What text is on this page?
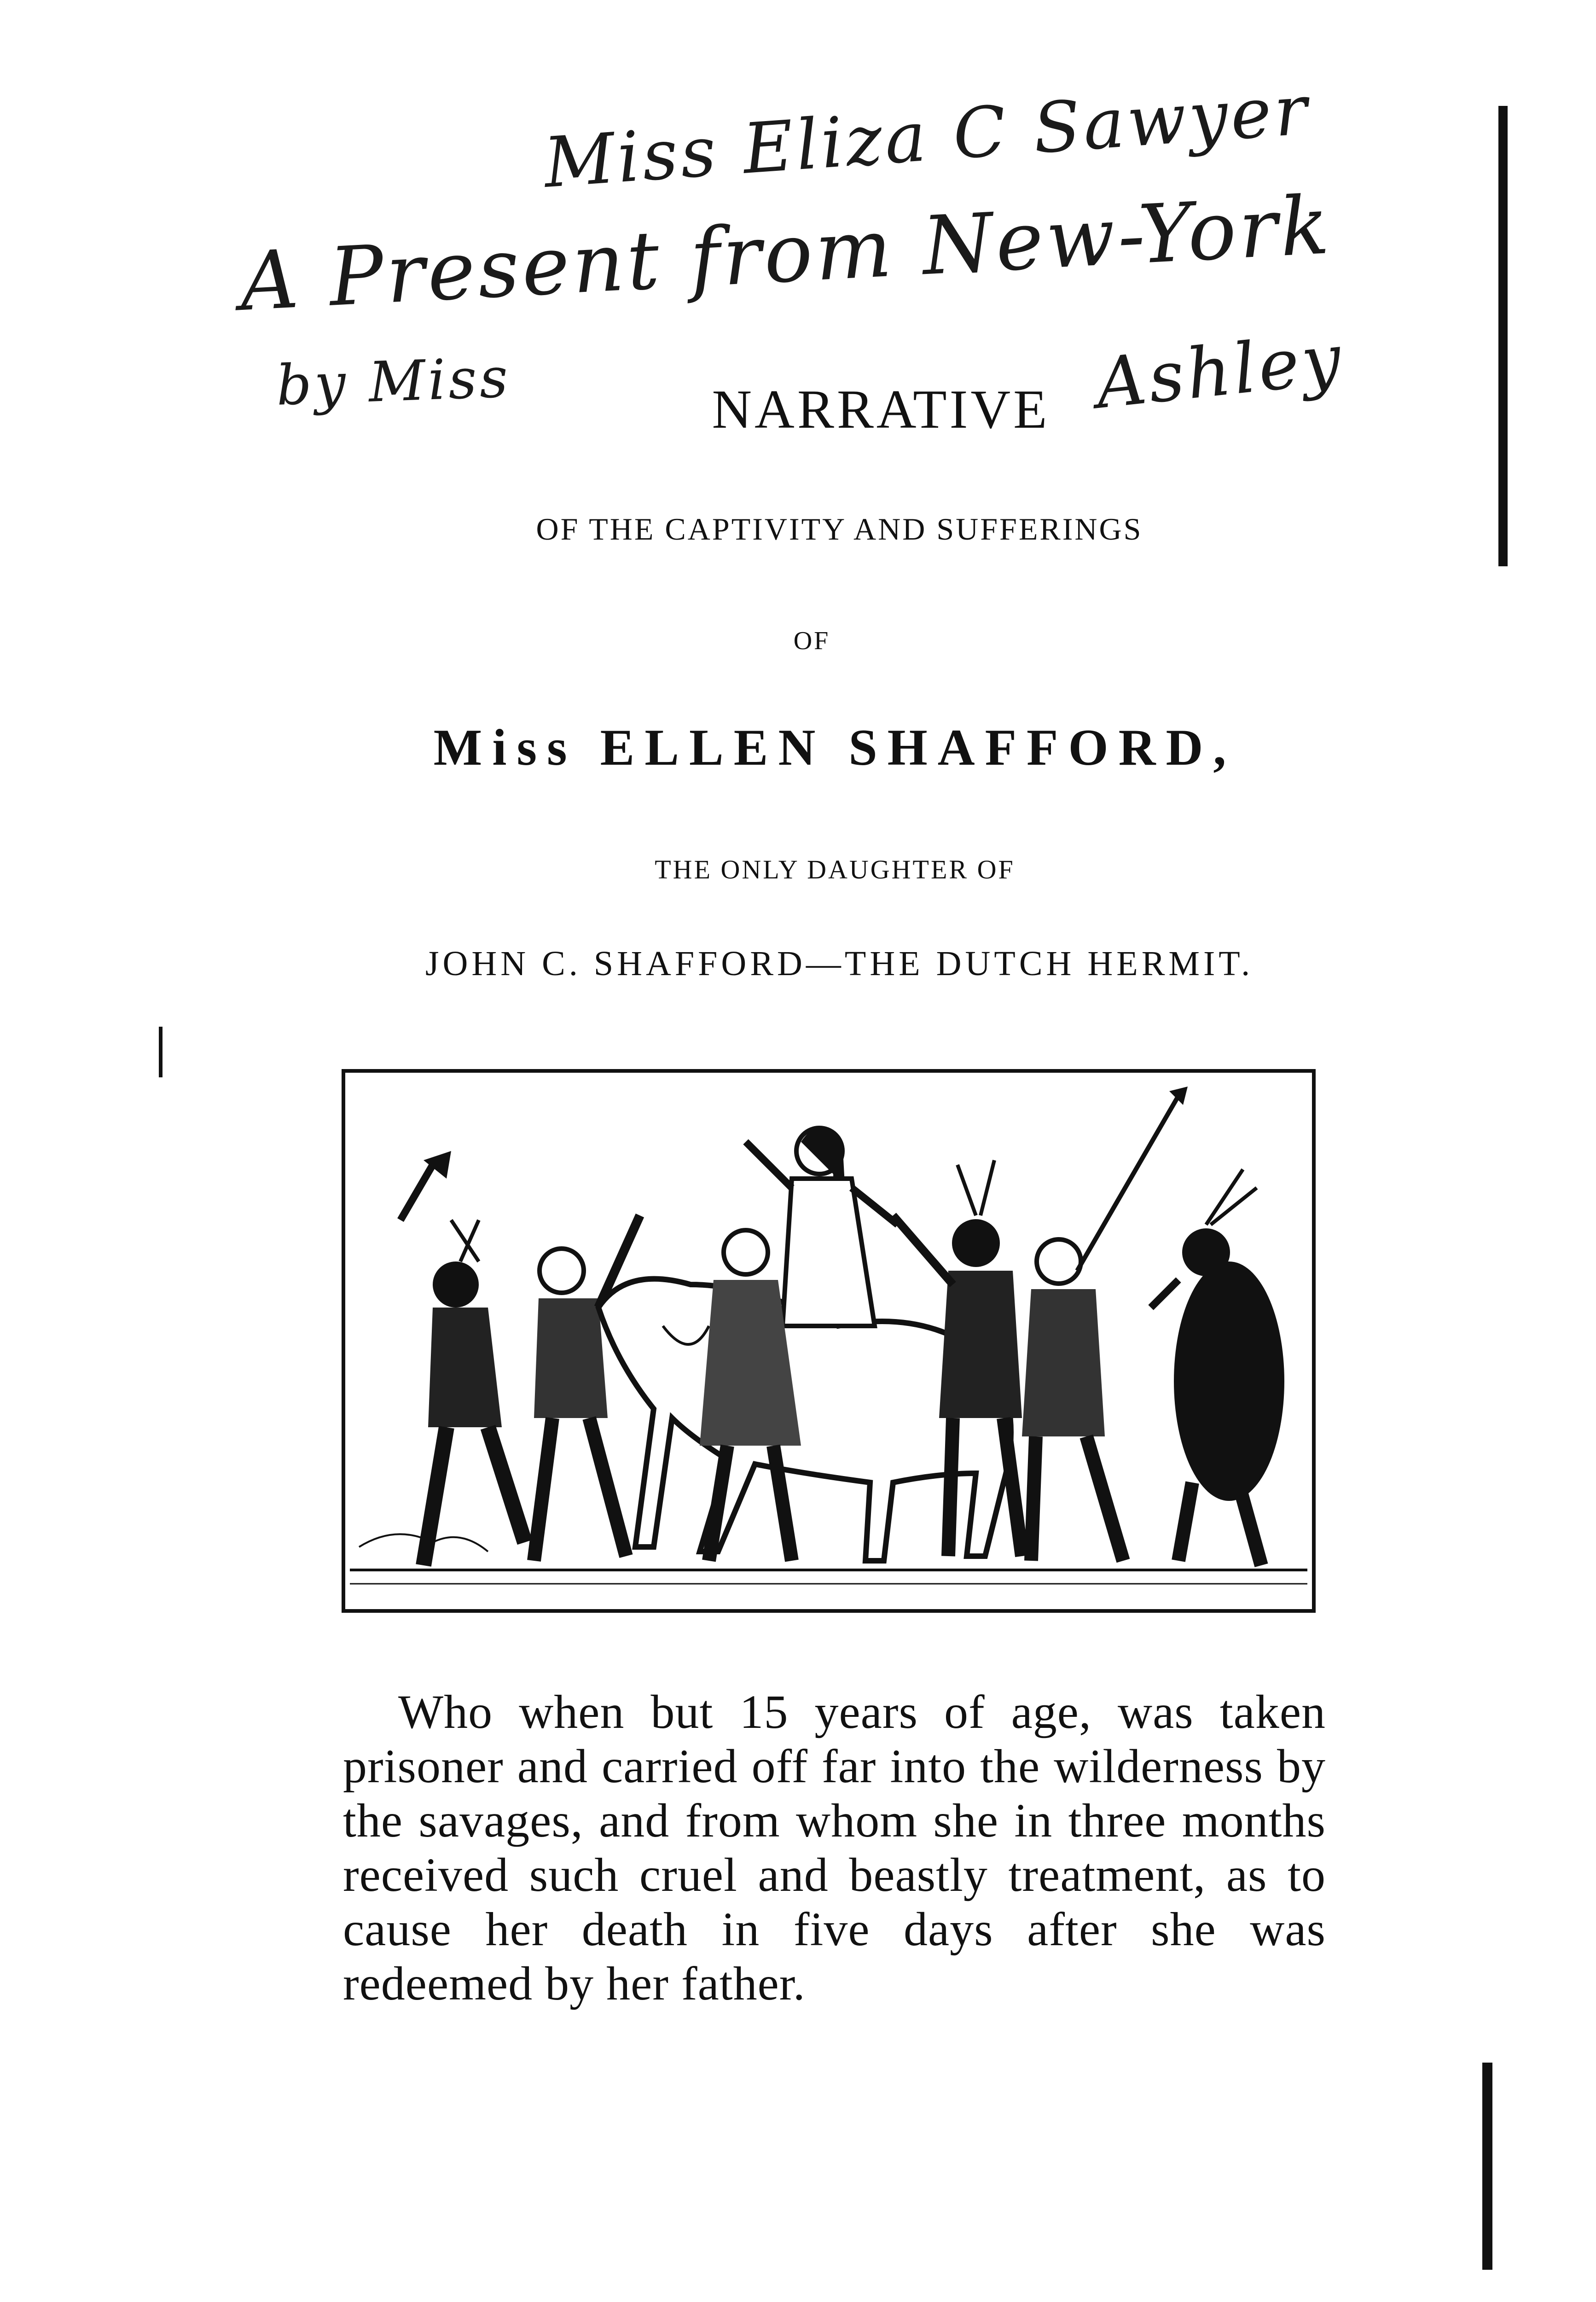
Miss Eliza C Sawyer
A Present from New-York
by Miss	Ashley
NARRATIVE
OF THE CAPTIVITY AND SUFFERINGS
OF
Miss ELLEN SHAFFORD,
THE ONLY DAUGHTER OF
JOHN C. SHAFFORD—THE DUTCH HERMIT.
Who when but 15 years of age, was taken prisoner and carried off far into the wilderness by the savages, and from whom she in three months received such cruel and beastly treatment, as to cause her death in five days after she was redeemed by her father.
